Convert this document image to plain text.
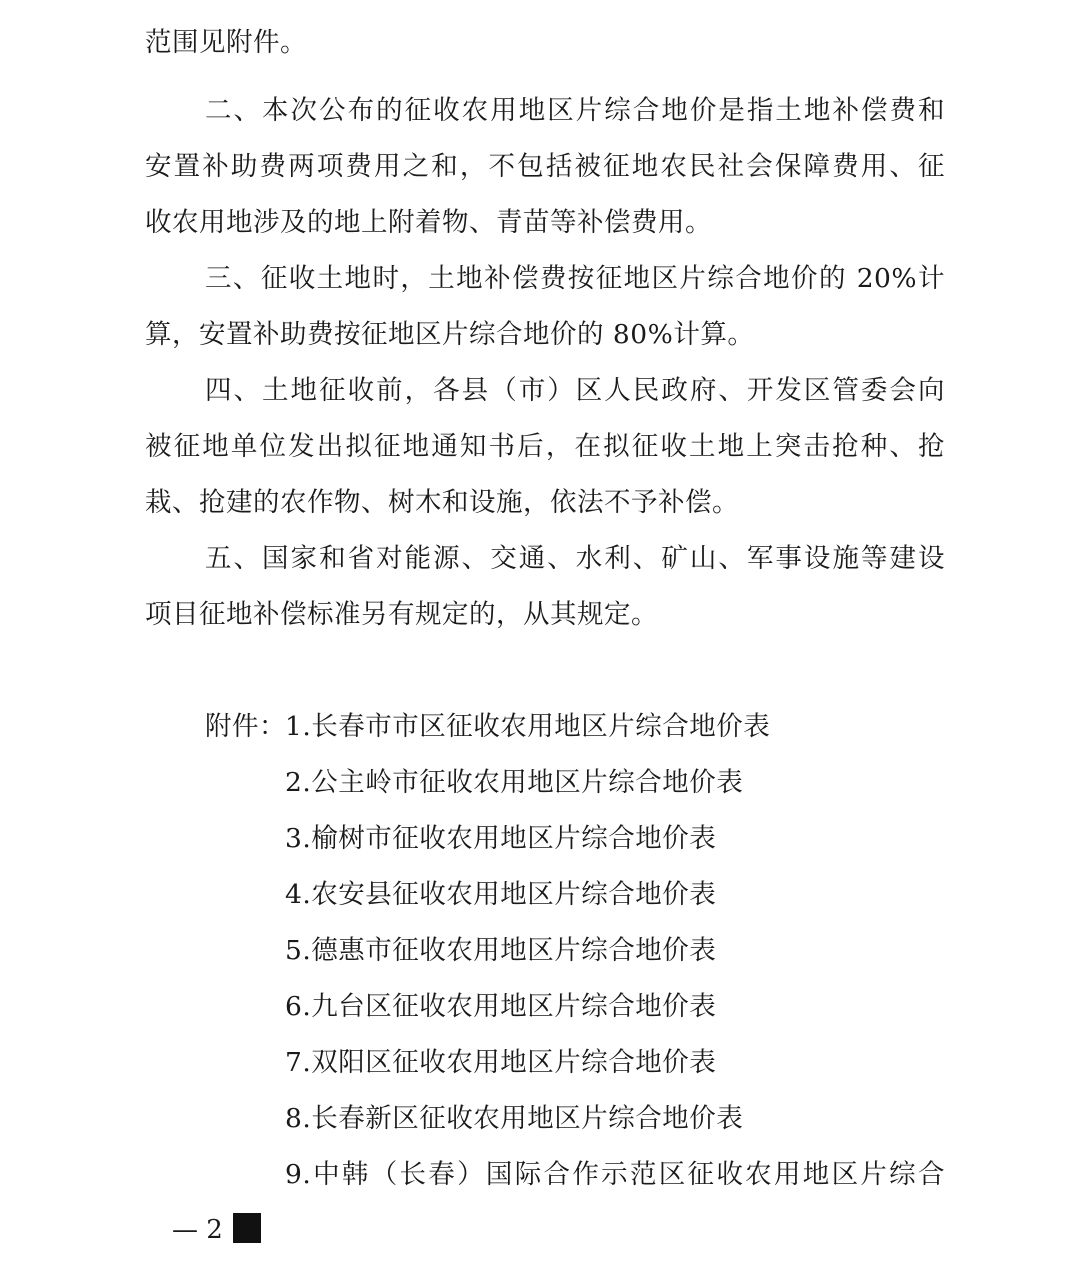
范围见附件。
二、本次公布的征收农用地区片综合地价是指土地补偿费和
安置补助费两项费用之和，不包括被征地农民社会保障费用、征
收农用地涉及的地上附着物、青苗等补偿费用。
三、征收土地时，土地补偿费按征地区片综合地价的 20%计
算，安置补助费按征地区片综合地价的 80%计算。
四、土地征收前，各县（市）区人民政府、开发区管委会向
被征地单位发出拟征地通知书后，在拟征收土地上突击抢种、抢
栽、抢建的农作物、树木和设施，依法不予补偿。
五、国家和省对能源、交通、水利、矿山、军事设施等建设
项目征地补偿标准另有规定的，从其规定。
附件： 1.长春市市区征收农用地区片综合地价表
2.公主岭市征收农用地区片综合地价表
3.榆树市征收农用地区片综合地价表
4.农安县征收农用地区片综合地价表
5.德惠市征收农用地区片综合地价表
6.九台区征收农用地区片综合地价表
7.双阳区征收农用地区片综合地价表
8.长春新区征收农用地区片综合地价表
9.中韩（长春）国际合作示范区征收农用地区片综合
— 2
